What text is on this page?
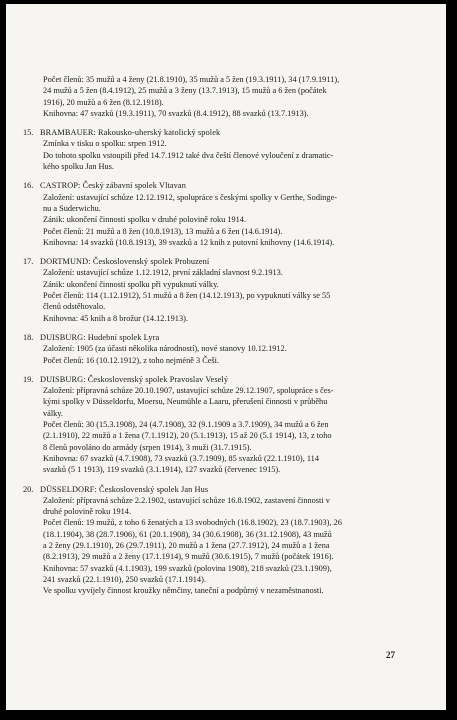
Počet členů: 35 mužů a 4 ženy (21.8.1910), 35 mužů a 5 žen (19.3.1911), 34 (17.9.1911),
24 mužů a 5 žen (8.4.1912), 25 mužů a 3 ženy (13.7.1913), 15 mužů a 6 žen (počátek
1916), 20 mužů a 6 žen (8.12.1918).
Knihovna: 47 svazků (19.3.1911), 70 svazků (8.4.1912), 88 svazků (13.7.1913).
15. BRAMBAUER: Rakousko-uherský katolický spolek
Zmínka v tisku o spolku: srpen 1912.
Do tohoto spolku vstoupili před 14.7.1912 také dva čeští členové vyloučení z dramatic-
kého spolku Jan Hus.
16. CASTROP: Český zábavní spolek Vltavan
Založení: ustavující schůze 12.12.1912, spolupráce s českými spolky v Gerthe, Sodinge-
nu a Suderwichu.
Zánik: ukončení činnosti spolku v druhé polovině roku 1914.
Počet členů: 21 mužů a 8 žen (10.8.1913), 13 mužů a 6 žen (14.6.1914).
Knihovna: 14 svazků (10.8.1913), 39 svazků a 12 knih z putovní knihovny (14.6.1914).
17. DORTMUND: Československý spolek Probuzení
Založení: ustavující schůze 1.12.1912, první základní slavnost 9.2.1913.
Zánik: ukončení činnosti spolku při vypuknutí války.
Počet členů: 114 (1.12.1912), 51 mužů a 8 žen (14.12.1913), po vypuknutí války se 55
členů odstěhovalo.
Knihovna: 45 knih a 8 brožur (14.12.1913).
18. DUISBURG: Hudební spolek Lyra
Založení: 1905 (za účasti několika národností), nové stanovy 10.12.1912.
Počet členů: 16 (10.12.1912), z toho nejméně 3 Češi.
19. DUISBURG: Československý spolek Pravoslav Veselý
Založení: přípravná schůze 20.10.1907, ustavující schůze 29.12.1907, spolupráce s čes-
kými spolky v Düsseldorfu, Moersu, Neumühle a Laaru, přerušení činnosti v průběhu
války.
Počet členů: 30 (15.3.1908), 24 (4.7.1908), 32 (9.1.1909 a 3.7.1909), 34 mužů a 6 žen
(2.1.1910), 22 mužů a 1 žena (7.1.1912), 20 (5.1.1913), 15 až 20 (5.1 1914), 13, z toho
8 členů povoláno do armády (srpen 1914), 3 muži (31.7.1915).
Knihovna: 67 svazků (4.7.1908), 73 svazků (3.7.1909), 85 svazků (22.1.1910), 114
svazků (5 1 1913), 119 svazků (3.1.1914), 127 svazků (červenec 1915).
20. DÜSSELDORF: Československý spolek Jan Hus
Založení: přípravná schůze 2.2.1902, ustavující schůze 16.8.1902, zastavení činnosti v
druhé polovině roku 1914.
Počet členů: 19 mužů, z toho 6 ženatých a 13 svobodných (16.8.1902), 23 (18.7.1903), 26
(18.1.1904), 38 (28.7.1906), 61 (20.1.1908), 34 (30.6.1908), 36 (31.12.1908), 43 mužů
a 2 ženy (29.1.1910), 26 (29.7.1911), 20 mužů a 1 žena (27.7.1912), 24 mužů a 1 žena
(8.2.1913), 29 mužů a 2 ženy (17.1.1914), 9 mužů (30.6.1915), 7 mužů (počátek 1916).
Knihovna: 57 svazků (4.1.1903), 199 svazků (polovina 1908), 218 svazků (23.1.1909),
241 svazků (22.1.1910), 250 svazků (17.1.1914).
Ve spolku vyvíjely činnost kroužky němčiny, taneční a podpůrný v nezaměstnanosti.
27
